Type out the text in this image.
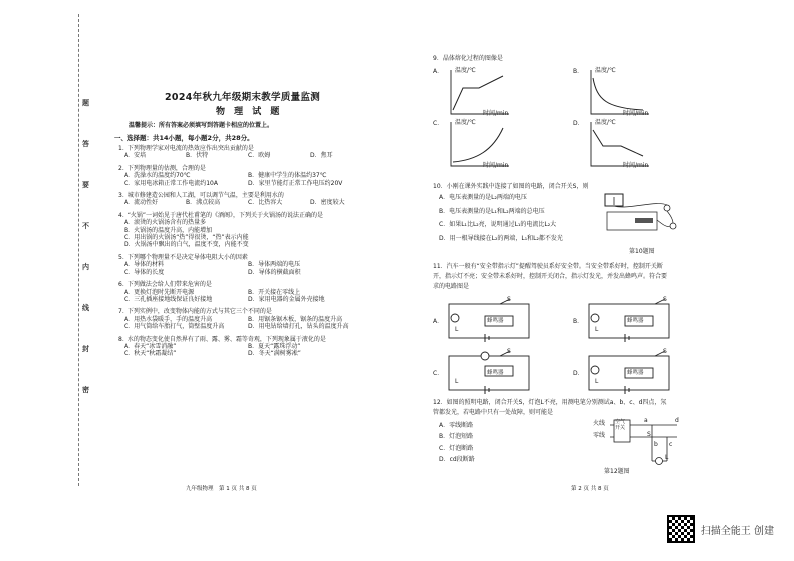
题
答
要
不
内
线
封
密
2024年秋九年级期末教学质量监测
物 理 试 题
温馨提示：所有答案必须填写到答题卡相应的位置上。
一、选择题：共14小题，每小题2分，共28分。
1．下列物理学家对电流的热效应作出突出贡献的是
A．安培	B．伏特	C．欧姆	D．焦耳
2．下列物理量的估测，合理的是
A．洗澡水的温度约70℃	B．健康中学生的体温约37℃
C．家用电冰箱正常工作电流约10A	D．家里节能灯正常工作电压约20V
3．城市修建造公园和人工湖，可以调节气温，主要是利用水的
A．流动性好	B．沸点较高	C．比热容大	D．密度较大
4．“火锅”一词始见于唐代杜甫笔的《酒阁》，下列关于火锅汤的说法正确的是
A．滚烫的火锅汤含有的热量多
B．火锅汤的温度升高，内能增加
C．用出锅的火锅汤“热”得很烫，“热”表示内能
D．火锅汤中飘出的白气，温度不变，内能不变
5．下列哪个物理量不是决定导体电阻大小的因素
A．导体的材料	B．导体两端的电压
C．导体的长度	D．导体的横截面积
6．下列做法会给人们带来危害的是
A．更换灯泡时先断开电源	B．开关接在零线上
C．三孔插座接地线保证良好接地	D．家用电器的金属外壳接地
7．下列实例中，改变物体内能的方式与其它三个不同的是
A．用热水袋暖手，手的温度升高	B．用锯条锯木板，锯条的温度升高
C．用气筒给车胎打气，筒壁温度升高	D．用电钻给墙打孔，钻头的温度升高
8．水的物态变化使自然界有了雨、露、雾、霜等奇观，下列现象属于液化的是
A．春天“冰雪消融”	B．夏天“露珠浮动”
C．秋天“秋霜凝结”	D．冬天“满树雾凇”
九年级物理　第 1 页 共 8 页
9．晶体熔化过程的图像是
A． 温度/℃
时间/min
B． 温度/℃
时间/min
C． 温度/℃
时间/min
D． 温度/℃
时间/min
10．小刚在课外实践中连接了如图的电路，闭合开关S，则
A．电压表测量的是L₂两端的电压
B．电压表测量的是L₁和L₂两端的总电压
C．如果L₁比L₂亮，说明通过L₁的电流比L₂大
D．用一根导线接在L₂的两端，L₁和L₂都不发光
第10题图
11．汽车一般有“安全带指示灯”提醒驾驶员系好安全带。当安全带系好时，控制开关断
开，指示灯不亮；安全带未系好时，控制开关闭合，指示灯发光，并发出蜂鸣声。符合要
求的电路图是
A．	蜂鸣器
S
L
B．	蜂鸣器
S
L
C．	蜂鸣器
S
L
D．	蜂鸣器
S
L
12．如图的照明电路，闭合开关S，灯泡L不亮，用测电笔分别测试a、b、c、d四点，氖
管都发光，若电路中只有一处故障，则可能是
A．零线断路
B．灯泡短路
C．灯泡断路
D．cd段断路
火线
零线
空气开关
a	d
b c
S
L
第12题图
第 2 页 共 8 页
扫描全能王 创建
